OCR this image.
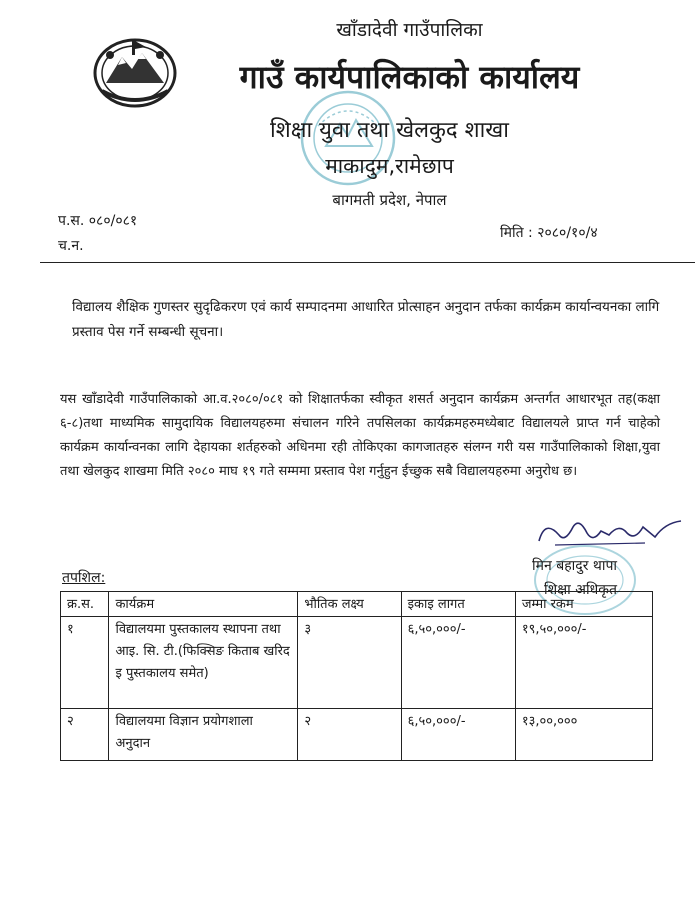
खाँडादेवी गाउँपालिका
गाउँ कार्यपालिकाको कार्यालय
शिक्षा युवा तथा खेलकुद शाखा
माकादुम,रामेछाप
बागमती प्रदेश, नेपाल
प.स. ०८०/०८१
च.न.
मिति : २०८०/१०/४
विद्यालय शैक्षिक गुणस्तर सुदृढिकरण एवं कार्य सम्पादनमा आधारित प्रोत्साहन अनुदान तर्फका कार्यक्रम कार्यान्वयनका लागि प्रस्ताव पेस गर्ने सम्बन्धी सूचना।
यस खाँडादेवी गाउँपालिकाको आ.व.२०८०/०८१ को शिक्षातर्फका स्वीकृत शसर्त अनुदान कार्यक्रम अन्तर्गत आधारभूत तह(कक्षा ६-८)तथा माध्यमिक सामुदायिक विद्यालयहरुमा संचालन गरिने तपसिलका कार्यक्रमहरुमध्येबाट विद्यालयले प्राप्त गर्न चाहेको कार्यक्रम कार्यान्वनका लागि देहायका शर्तहरुको अधिनमा रही तोकिएका कागजातहरु संलग्न गरी यस गाउँपालिकाको शिक्षा,युवा तथा खेलकुद शाखमा मिति २०८० माघ १९ गते सम्ममा प्रस्ताव पेश गर्नुहुन ईच्छुक सबै विद्यालयहरुमा अनुरोध छ।
मिन बहादुर थापा
शिक्षा अधिकृत
तपशिल:
क्र.स.	कार्यक्रम	भौतिक लक्ष्य	इकाइ लागत	जम्मा रकम
१	विद्यालयमा पुस्तकालय स्थापना तथा आइ. सि. टी.(फिक्सिङ किताब खरिद इ पुस्तकालय समेत)	३	६,५०,०००/-	१९,५०,०००/-
२	विद्यालयमा विज्ञान प्रयोगशाला अनुदान	२	६,५०,०००/-	१३,००,०००
